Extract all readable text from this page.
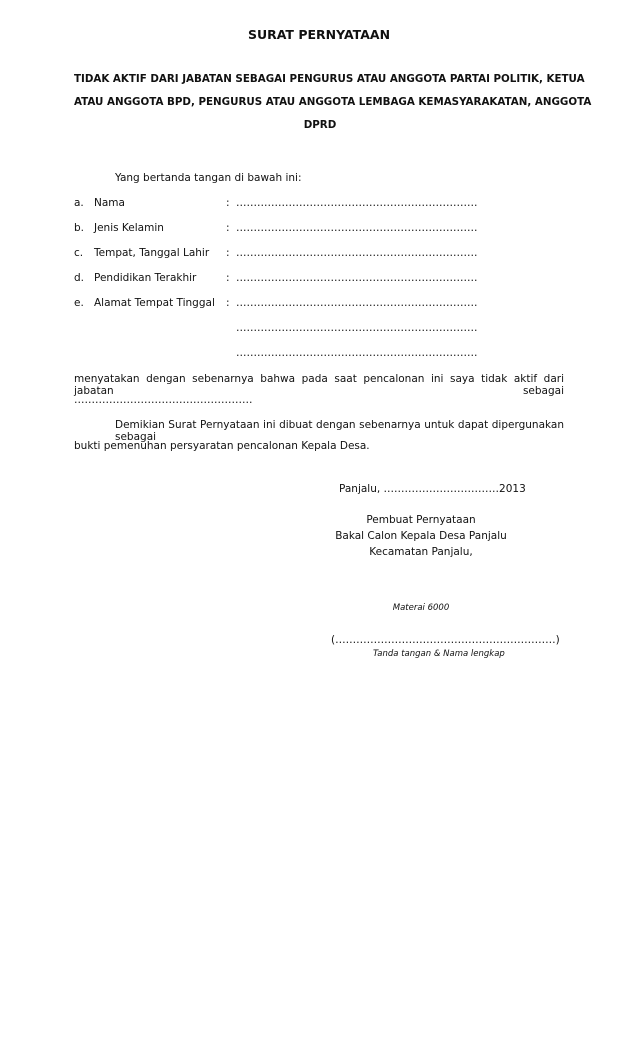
SURAT PERNYATAAN
TIDAK AKTIF DARI JABATAN SEBAGAI PENGURUS ATAU ANGGOTA PARTAI POLITIK, KETUA
ATAU ANGGOTA BPD, PENGURUS ATAU ANGGOTA LEMBAGA KEMASYARAKATAN, ANGGOTA
DPRD
Yang bertanda tangan di bawah ini:
a. Nama	: ……………………………………………………………
b. Jenis Kelamin	: ……………………………………………………………
c. Tempat, Tanggal Lahir : ……………………………………………………………
d. Pendidikan Terakhir	: ……………………………………………………………
e. Alamat Tempat Tinggal : ……………………………………………………………
……………………………………………………………
……………………………………………………………
menyatakan dengan sebenarnya bahwa pada saat pencalonan ini saya tidak aktif dari jabatan sebagai
……………………………………………
Demikian Surat Pernyataan ini dibuat dengan sebenarnya untuk dapat dipergunakan sebagai
bukti pemenuhan persyaratan pencalonan Kepala Desa.
Panjalu, ……………………………2013
Pembuat Pernyataan
Bakal Calon Kepala Desa Panjalu
Kecamatan Panjalu,
Materai 6000
(………………………………………………………)
Tanda tangan & Nama lengkap
